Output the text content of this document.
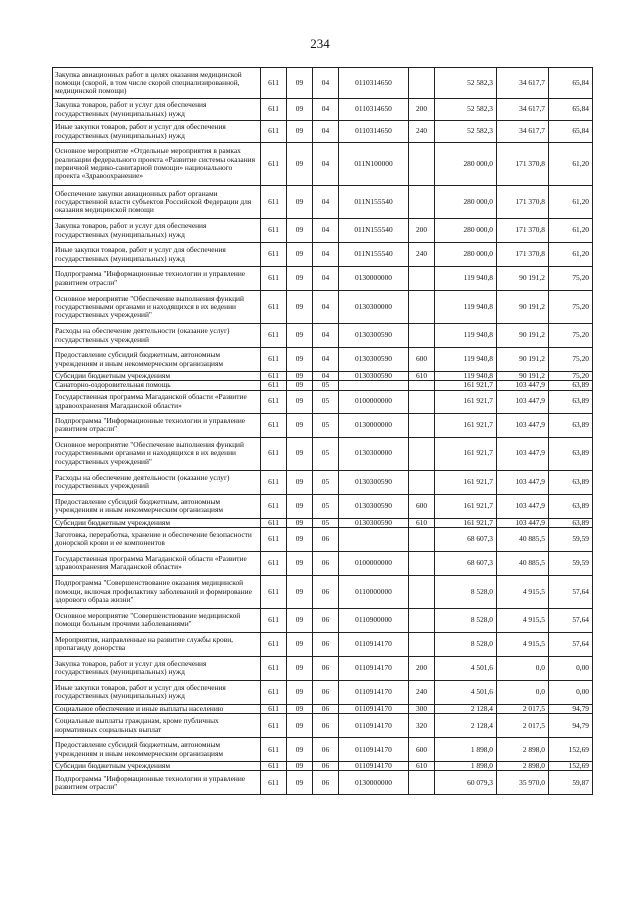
234
Закупка авиационных работ в целях оказания медицинской помощи (скорой, в том числе скорой специализированной, медицинской помощи)	611	09	04	0110314650		52 582,3	34 617,7	65,84
Закупка товаров, работ и услуг для обеспечения государственных (муниципальных) нужд	611	09	04	0110314650	200	52 582,3	34 617,7	65,84
Иные закупки товаров, работ и услуг для обеспечения государственных (муниципальных) нужд	611	09	04	0110314650	240	52 582,3	34 617,7	65,84
Основное мероприятие «Отдельные мероприятия в рамках реализации федерального проекта «Развитие системы оказания первичной медико-санитарной помощи» национального проекта «Здравоохранение»	611	09	04	011N100000		280 000,0	171 370,8	61,20
Обеспечение закупки авиационных работ органами государственной власти субъектов Российской Федерации для оказания медицинской помощи	611	09	04	011N155540		280 000,0	171 370,8	61,20
Закупка товаров, работ и услуг для обеспечения государственных (муниципальных) нужд	611	09	04	011N155540	200	280 000,0	171 370,8	61,20
Иные закупки товаров, работ и услуг для обеспечения государственных (муниципальных) нужд	611	09	04	011N155540	240	280 000,0	171 370,8	61,20
Подпрограмма "Информационные технологии и управление развитием отрасли"	611	09	04	0130000000		119 940,8	90 191,2	75,20
Основное мероприятие "Обеспечение выполнения функций государственными органами и находящихся в их ведении государственных учреждений"	611	09	04	0130300000		119 940,8	90 191,2	75,20
Расходы на обеспечение деятельности (оказание услуг) государственных учреждений	611	09	04	0130300590		119 940,8	90 191,2	75,20
Предоставление субсидий бюджетным, автономным учреждениям и иным некоммерческим организациям	611	09	04	0130300590	600	119 940,8	90 191,2	75,20
Субсидии бюджетным учреждениям	611	09	04	0130300590	610	119 940,8	90 191,2	75,20
Санаторно-оздоровительная помощь	611	09	05			161 921,7	103 447,9	63,89
Государственная программа Магаданской области «Развитие здравоохранения Магаданской области»	611	09	05	0100000000		161 921,7	103 447,9	63,89
Подпрограмма "Информационные технологии и управление развитием отрасли"	611	09	05	0130000000		161 921,7	103 447,9	63,89
Основное мероприятие "Обеспечение выполнения функций государственными органами и находящихся в их ведении государственных учреждений"	611	09	05	0130300000		161 921,7	103 447,9	63,89
Расходы на обеспечение деятельности (оказание услуг) государственных учреждений	611	09	05	0130300590		161 921,7	103 447,9	63,89
Предоставление субсидий бюджетным, автономным учреждениям и иным некоммерческим организациям	611	09	05	0130300590	600	161 921,7	103 447,9	63,89
Субсидии бюджетным учреждениям	611	09	05	0130300590	610	161 921,7	103 447,9	63,89
Заготовка, переработка, хранение и обеспечение безопасности донорской крови и ее компонентов	611	09	06			68 607,3	40 885,5	59,59
Государственная программа Магаданской области «Развитие здравоохранения Магаданской области»	611	09	06	0100000000		68 607,3	40 885,5	59,59
Подпрограмма "Совершенствование оказания медицинской помощи, включая профилактику заболеваний и формирование здорового образа жизни"	611	09	06	0110000000		8 528,0	4 915,5	57,64
Основное мероприятие "Совершенствование медицинской помощи больным прочими заболеваниями"	611	09	06	0110900000		8 528,0	4 915,5	57,64
Мероприятия, направленные на развитие службы крови, пропаганду донорства	611	09	06	0110914170		8 528,0	4 915,5	57,64
Закупка товаров, работ и услуг для обеспечения государственных (муниципальных) нужд	611	09	06	0110914170	200	4 501,6	0,0	0,00
Иные закупки товаров, работ и услуг для обеспечения государственных (муниципальных) нужд	611	09	06	0110914170	240	4 501,6	0,0	0,00
Социальное обеспечение и иные выплаты населению	611	09	06	0110914170	300	2 128,4	2 017,5	94,79
Социальные выплаты гражданам, кроме публичных нормативных социальных выплат	611	09	06	0110914170	320	2 128,4	2 017,5	94,79
Предоставление субсидий бюджетным, автономным учреждениям и иным некоммерческим организациям	611	09	06	0110914170	600	1 898,0	2 898,0	152,69
Субсидии бюджетным учреждениям	611	09	06	0110914170	610	1 898,0	2 898,0	152,69
Подпрограмма "Информационные технологии и управление развитием отрасли"	611	09	06	0130000000		60 079,3	35 970,0	59,87
